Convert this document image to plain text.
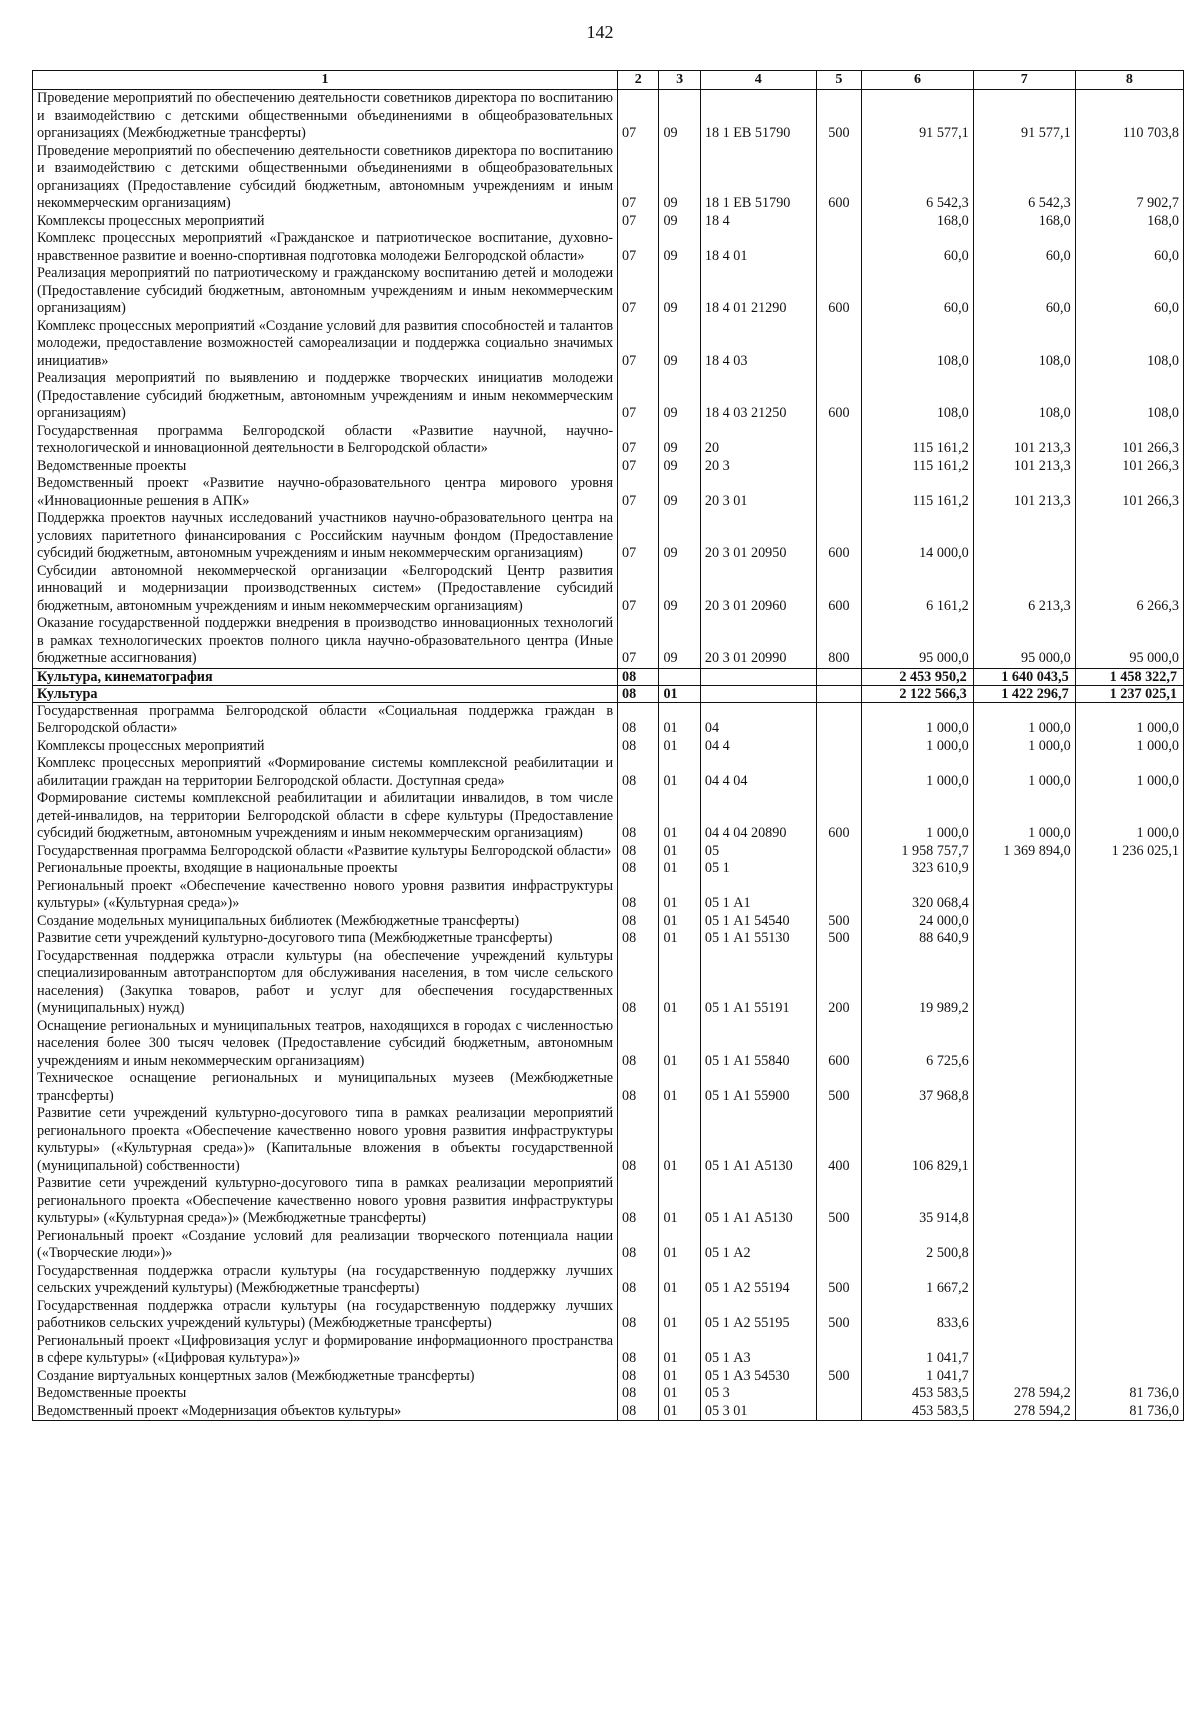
142
1	2	3	4	5	6	7	8
Проведение мероприятий по обеспечению деятельности советников директора по воспитанию и взаимодействию с детскими общественными объединениями в общеобразовательных организациях (Межбюджетные трансферты)	07	09	18 1 ЕВ 51790	500	91 577,1	91 577,1	110 703,8
Проведение мероприятий по обеспечению деятельности советников директора по воспитанию и взаимодействию с детскими общественными объединениями в общеобразовательных организациях (Предоставление субсидий бюджетным, автономным учреждениям и иным некоммерческим организациям)	07	09	18 1 ЕВ 51790	600	6 542,3	6 542,3	7 902,7
Комплексы процессных мероприятий	07	09	18 4		168,0	168,0	168,0
Комплекс процессных мероприятий «Гражданское и патриотическое воспитание, духовно-нравственное развитие и военно-спортивная подготовка молодежи Белгородской области»	07	09	18 4 01		60,0	60,0	60,0
Реализация мероприятий по патриотическому и гражданскому воспитанию детей и молодежи (Предоставление субсидий бюджетным, автономным учреждениям и иным некоммерческим организациям)	07	09	18 4 01 21290	600	60,0	60,0	60,0
Комплекс процессных мероприятий «Создание условий для развития способностей и талантов молодежи, предоставление возможностей самореализации и поддержка социально значимых инициатив»	07	09	18 4 03		108,0	108,0	108,0
Реализация мероприятий по выявлению и поддержке творческих инициатив молодежи (Предоставление субсидий бюджетным, автономным учреждениям и иным некоммерческим организациям)	07	09	18 4 03 21250	600	108,0	108,0	108,0
Государственная программа Белгородской области «Развитие научной, научно-технологической и инновационной деятельности в Белгородской области»	07	09	20		115 161,2	101 213,3	101 266,3
Ведомственные проекты	07	09	20 3		115 161,2	101 213,3	101 266,3
Ведомственный проект «Развитие научно-образовательного центра мирового уровня «Инновационные решения в АПК»	07	09	20 3 01		115 161,2	101 213,3	101 266,3
Поддержка проектов научных исследований участников научно-образовательного центра на условиях паритетного финансирования с Российским научным фондом (Предоставление субсидий бюджетным, автономным учреждениям и иным некоммерческим организациям)	07	09	20 3 01 20950	600	14 000,0		
Субсидии автономной некоммерческой организации «Белгородский Центр развития инноваций и модернизации производственных систем» (Предоставление субсидий бюджетным, автономным учреждениям и иным некоммерческим организациям)	07	09	20 3 01 20960	600	6 161,2	6 213,3	6 266,3
Оказание государственной поддержки внедрения в производство инновационных технологий в рамках технологических проектов полного цикла научно-образовательного центра (Иные бюджетные ассигнования)	07	09	20 3 01 20990	800	95 000,0	95 000,0	95 000,0
Культура, кинематография	08				2 453 950,2	1 640 043,5	1 458 322,7
Культура	08	01			2 122 566,3	1 422 296,7	1 237 025,1
Государственная программа Белгородской области «Социальная поддержка граждан в Белгородской области»	08	01	04		1 000,0	1 000,0	1 000,0
Комплексы процессных мероприятий	08	01	04 4		1 000,0	1 000,0	1 000,0
Комплекс процессных мероприятий «Формирование системы комплексной реабилитации и абилитации граждан на территории Белгородской области. Доступная среда»	08	01	04 4 04		1 000,0	1 000,0	1 000,0
Формирование системы комплексной реабилитации и абилитации инвалидов, в том числе детей-инвалидов, на территории Белгородской области в сфере культуры (Предоставление субсидий бюджетным, автономным учреждениям и иным некоммерческим организациям)	08	01	04 4 04 20890	600	1 000,0	1 000,0	1 000,0
Государственная программа Белгородской области «Развитие культуры Белгородской области»	08	01	05		1 958 757,7	1 369 894,0	1 236 025,1
Региональные проекты, входящие в национальные проекты	08	01	05 1		323 610,9		
Региональный проект «Обеспечение качественно нового уровня развития инфраструктуры культуры» («Культурная среда»)»	08	01	05 1 А1		320 068,4		
Создание модельных муниципальных библиотек (Межбюджетные трансферты)	08	01	05 1 А1 54540	500	24 000,0		
Развитие сети учреждений культурно-досугового типа (Межбюджетные трансферты)	08	01	05 1 А1 55130	500	88 640,9		
Государственная поддержка отрасли культуры (на обеспечение учреждений культуры специализированным автотранспортом для обслуживания населения, в том числе сельского населения) (Закупка товаров, работ и услуг для обеспечения государственных (муниципальных) нужд)	08	01	05 1 А1 55191	200	19 989,2		
Оснащение региональных и муниципальных театров, находящихся в городах с численностью населения более 300 тысяч человек (Предоставление субсидий бюджетным, автономным учреждениям и иным некоммерческим организациям)	08	01	05 1 А1 55840	600	6 725,6		
Техническое оснащение региональных и муниципальных музеев (Межбюджетные трансферты)	08	01	05 1 А1 55900	500	37 968,8		
Развитие сети учреждений культурно-досугового типа в рамках реализации мероприятий регионального проекта «Обеспечение качественно нового уровня развития инфраструктуры культуры» («Культурная среда»)» (Капитальные вложения в объекты государственной (муниципальной) собственности)	08	01	05 1 А1 А5130	400	106 829,1		
Развитие сети учреждений культурно-досугового типа в рамках реализации мероприятий регионального проекта «Обеспечение качественно нового уровня развития инфраструктуры культуры» («Культурная среда»)» (Межбюджетные трансферты)	08	01	05 1 А1 А5130	500	35 914,8		
Региональный проект «Создание условий для реализации творческого потенциала нации («Творческие люди»)»	08	01	05 1 А2		2 500,8		
Государственная поддержка отрасли культуры (на государственную поддержку лучших сельских учреждений культуры) (Межбюджетные трансферты)	08	01	05 1 А2 55194	500	1 667,2		
Государственная поддержка отрасли культуры (на государственную поддержку лучших работников сельских учреждений культуры) (Межбюджетные трансферты)	08	01	05 1 А2 55195	500	833,6		
Региональный проект «Цифровизация услуг и формирование информационного пространства в сфере культуры» («Цифровая культура»)»	08	01	05 1 А3		1 041,7		
Создание виртуальных концертных залов (Межбюджетные трансферты)	08	01	05 1 А3 54530	500	1 041,7		
Ведомственные проекты	08	01	05 3		453 583,5	278 594,2	81 736,0
Ведомственный проект «Модернизация объектов культуры»	08	01	05 3 01		453 583,5	278 594,2	81 736,0
